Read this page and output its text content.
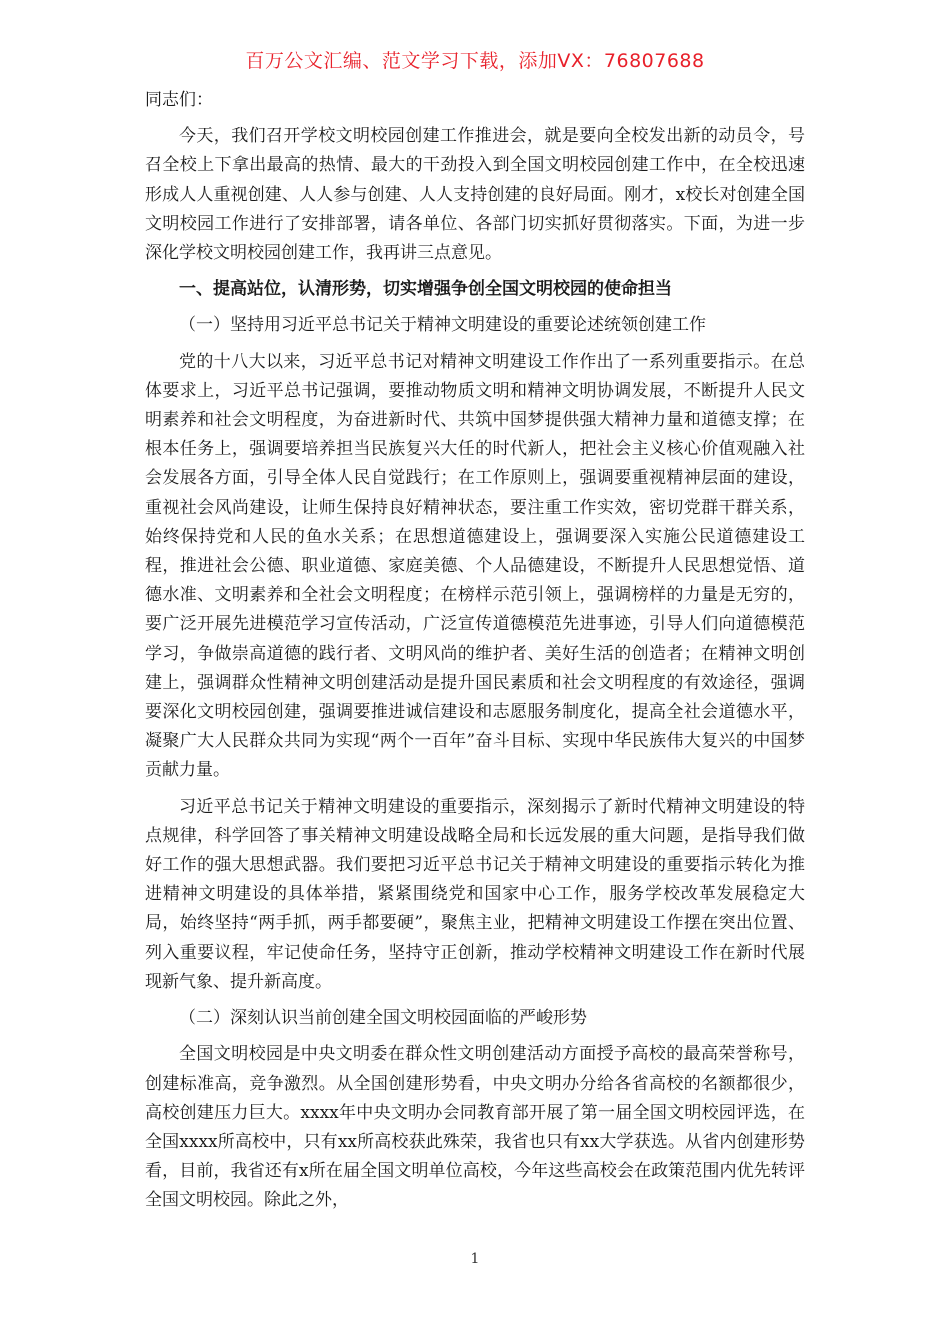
百万公文汇编、范文学习下载，添加VX：76807688

同志们：

今天，我们召开学校文明校园创建工作推进会，就是要向全校发出新的动员令，号召全校上下拿出最高的热情、最大的干劲投入到全国文明校园创建工作中，在全校迅速形成人人重视创建、人人参与创建、人人支持创建的良好局面。刚才，x校长对创建全国文明校园工作进行了安排部署，请各单位、各部门切实抓好贯彻落实。下面，为进一步深化学校文明校园创建工作，我再讲三点意见。

一、提高站位，认清形势，切实增强争创全国文明校园的使命担当

（一）坚持用习近平总书记关于精神文明建设的重要论述统领创建工作

党的十八大以来，习近平总书记对精神文明建设工作作出了一系列重要指示。在总体要求上，习近平总书记强调，要推动物质文明和精神文明协调发展，不断提升人民文明素养和社会文明程度，为奋进新时代、共筑中国梦提供强大精神力量和道德支撑；在根本任务上，强调要培养担当民族复兴大任的时代新人，把社会主义核心价值观融入社会发展各方面，引导全体人民自觉践行；在工作原则上，强调要重视精神层面的建设，重视社会风尚建设，让师生保持良好精神状态，要注重工作实效，密切党群干群关系，始终保持党和人民的鱼水关系；在思想道德建设上，强调要深入实施公民道德建设工程，推进社会公德、职业道德、家庭美德、个人品德建设，不断提升人民思想觉悟、道德水准、文明素养和全社会文明程度；在榜样示范引领上，强调榜样的力量是无穷的，要广泛开展先进模范学习宣传活动，广泛宣传道德模范先进事迹，引导人们向道德模范学习，争做崇高道德的践行者、文明风尚的维护者、美好生活的创造者；在精神文明创建上，强调群众性精神文明创建活动是提升国民素质和社会文明程度的有效途径，强调要深化文明校园创建，强调要推进诚信建设和志愿服务制度化，提高全社会道德水平，凝聚广大人民群众共同为实现“两个一百年”奋斗目标、实现中华民族伟大复兴的中国梦贡献力量。

习近平总书记关于精神文明建设的重要指示，深刻揭示了新时代精神文明建设的特点规律，科学回答了事关精神文明建设战略全局和长远发展的重大问题，是指导我们做好工作的强大思想武器。我们要把习近平总书记关于精神文明建设的重要指示转化为推进精神文明建设的具体举措，紧紧围绕党和国家中心工作，服务学校改革发展稳定大局，始终坚持“两手抓，两手都要硬”，聚焦主业，把精神文明建设工作摆在突出位置、列入重要议程，牢记使命任务，坚持守正创新，推动学校精神文明建设工作在新时代展现新气象、提升新高度。

（二）深刻认识当前创建全国文明校园面临的严峻形势

全国文明校园是中央文明委在群众性文明创建活动方面授予高校的最高荣誉称号，创建标准高，竞争激烈。从全国创建形势看，中央文明办分给各省高校的名额都很少，高校创建压力巨大。xxxx年中央文明办会同教育部开展了第一届全国文明校园评选，在全国xxxx所高校中，只有xx所高校获此殊荣，我省也只有xx大学获选。从省内创建形势看，目前，我省还有x所在届全国文明单位高校，今年这些高校会在政策范围内优先转评全国文明校园。除此之外，

1
